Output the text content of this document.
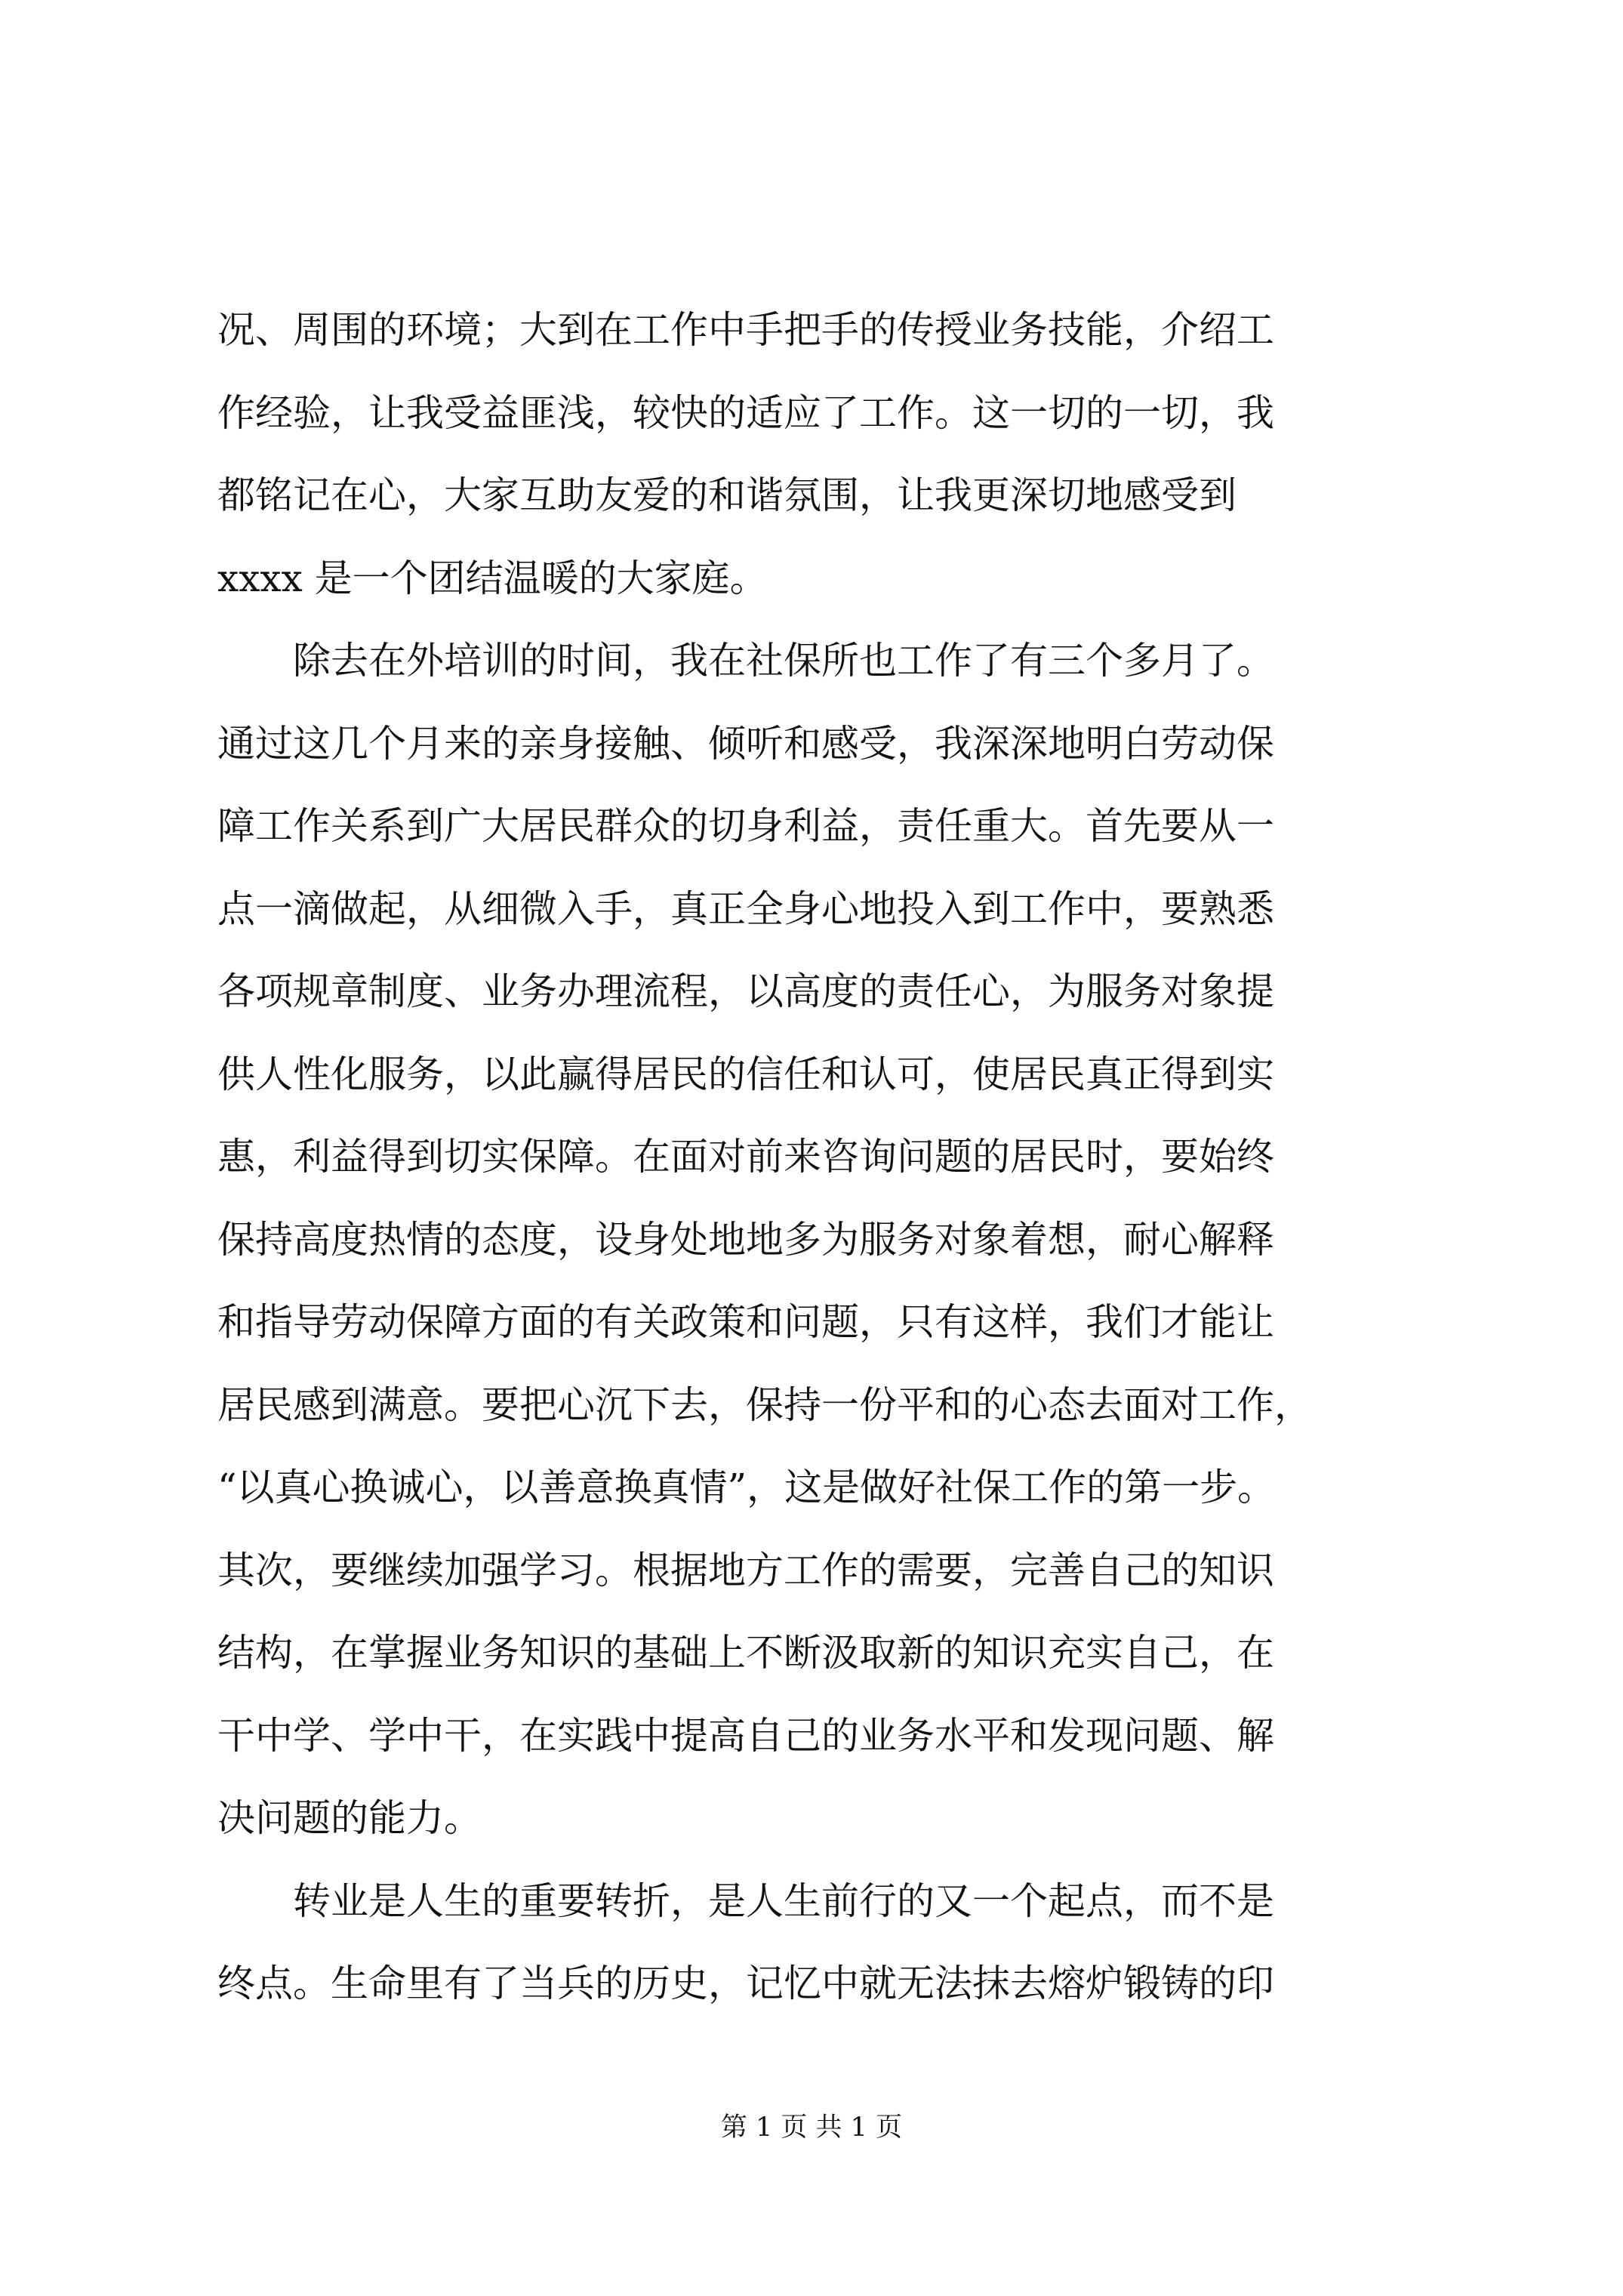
况、周围的环境；大到在工作中手把手的传授业务技能，介绍工
作经验，让我受益匪浅，较快的适应了工作。这一切的一切，我
都铭记在心，大家互助友爱的和谐氛围，让我更深切地感受到
xxxx 是一个团结温暖的大家庭。
　　除去在外培训的时间，我在社保所也工作了有三个多月了。
通过这几个月来的亲身接触、倾听和感受，我深深地明白劳动保
障工作关系到广大居民群众的切身利益，责任重大。首先要从一
点一滴做起，从细微入手，真正全身心地投入到工作中，要熟悉
各项规章制度、业务办理流程，以高度的责任心，为服务对象提
供人性化服务，以此赢得居民的信任和认可，使居民真正得到实
惠，利益得到切实保障。在面对前来咨询问题的居民时，要始终
保持高度热情的态度，设身处地地多为服务对象着想，耐心解释
和指导劳动保障方面的有关政策和问题，只有这样，我们才能让
居民感到满意。要把心沉下去，保持一份平和的心态去面对工作，
“以真心换诚心，以善意换真情”，这是做好社保工作的第一步。
其次，要继续加强学习。根据地方工作的需要，完善自己的知识
结构，在掌握业务知识的基础上不断汲取新的知识充实自己，在
干中学、学中干，在实践中提高自己的业务水平和发现问题、解
决问题的能力。
　　转业是人生的重要转折，是人生前行的又一个起点，而不是
终点。生命里有了当兵的历史，记忆中就无法抹去熔炉锻铸的印
第 1 页 共 1 页
